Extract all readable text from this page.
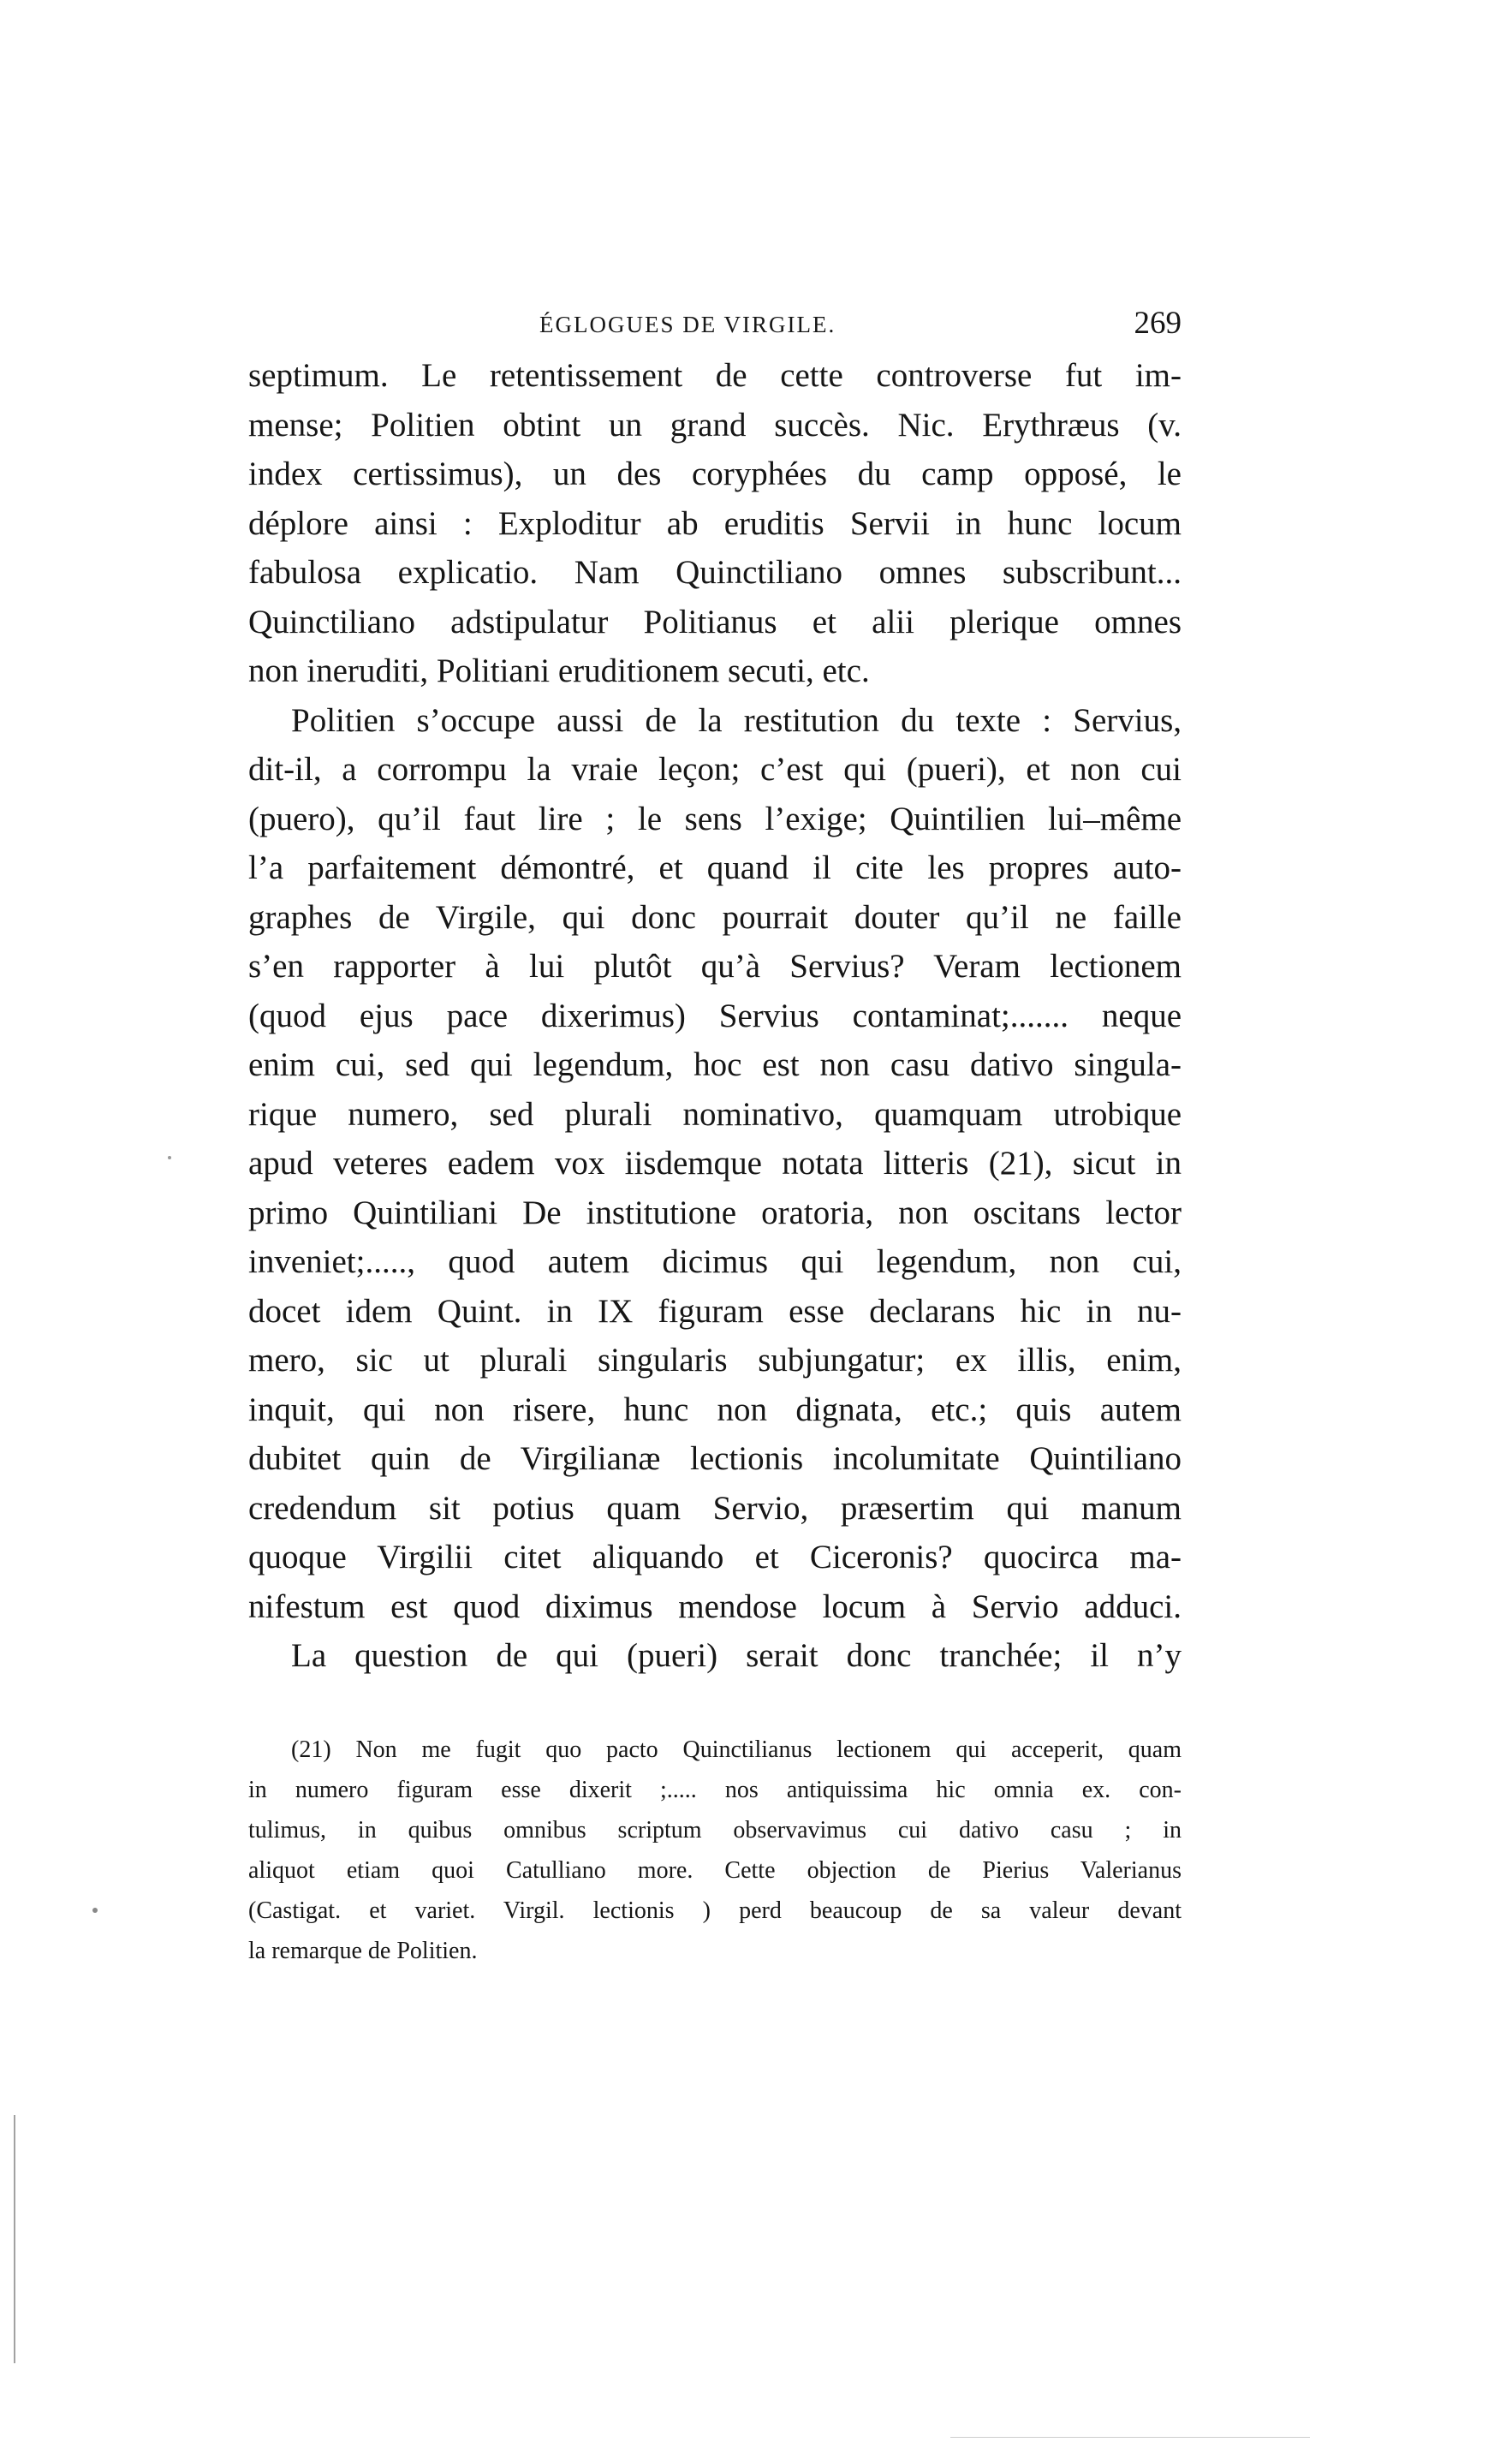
ÉGLOGUES DE VIRGILE.	269
septimum. Le retentissement de cette controverse fut im-
mense; Politien obtint un grand succès. Nic. Erythræus (v.
index certissimus), un des coryphées du camp opposé, le
déplore ainsi : Exploditur ab eruditis Servii in hunc locum
fabulosa explicatio. Nam Quinctiliano omnes subscribunt...
Quinctiliano adstipulatur Politianus et alii plerique omnes
non ineruditi, Politiani eruditionem secuti, etc.
Politien s’occupe aussi de la restitution du texte : Servius,
dit-il, a corrompu la vraie leçon; c’est qui (pueri), et non cui
(puero), qu’il faut lire ; le sens l’exige; Quintilien lui–même
l’a parfaitement démontré, et quand il cite les propres auto-
graphes de Virgile, qui donc pourrait douter qu’il ne faille
s’en rapporter à lui plutôt qu’à Servius? Veram lectionem
(quod ejus pace dixerimus) Servius contaminat;....... neque
enim cui, sed qui legendum, hoc est non casu dativo singula-
rique numero, sed plurali nominativo, quamquam utrobique
apud veteres eadem vox iisdemque notata litteris (21), sicut in
primo Quintiliani De institutione oratoria, non oscitans lector
inveniet;....., quod autem dicimus qui legendum, non cui,
docet idem Quint. in IX figuram esse declarans hic in nu-
mero, sic ut plurali singularis subjungatur; ex illis, enim,
inquit, qui non risere, hunc non dignata, etc.; quis autem
dubitet quin de Virgilianæ lectionis incolumitate Quintiliano
credendum sit potius quam Servio, præsertim qui manum
quoque Virgilii citet aliquando et Ciceronis? quocirca ma-
nifestum est quod diximus mendose locum à Servio adduci.
La question de qui (pueri) serait donc tranchée; il n’y
(21) Non me fugit quo pacto Quinctilianus lectionem qui acceperit, quam
in numero figuram esse dixerit ;..... nos antiquissima hic omnia ex. con-
tulimus, in quibus omnibus scriptum observavimus cui dativo casu ; in
aliquot etiam quoi Catulliano more. Cette objection de Pierius Valerianus
(Castigat. et variet. Virgil. lectionis ) perd beaucoup de sa valeur devant
la remarque de Politien.
